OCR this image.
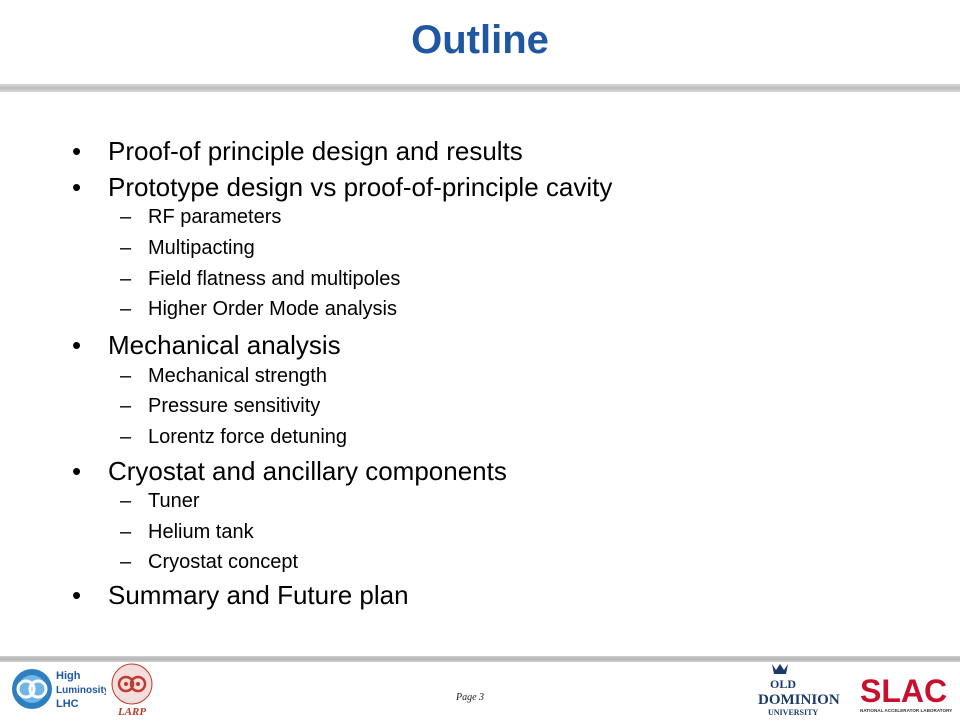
Outline
• Proof-of principle design and results
• Prototype design vs proof-of-principle cavity
– RF parameters
– Multipacting
– Field flatness and multipoles
– Higher Order Mode analysis
• Mechanical analysis
– Mechanical strength
– Pressure sensitivity
– Lorentz force detuning
• Cryostat and ancillary components
– Tuner
– Helium tank
– Cryostat concept
• Summary and Future plan
High
Luminosity
LHC
LARP
Page 3
OLD
DOMINION
UNIVERSITY
SLAC
NATIONAL ACCELERATOR LABORATORY
